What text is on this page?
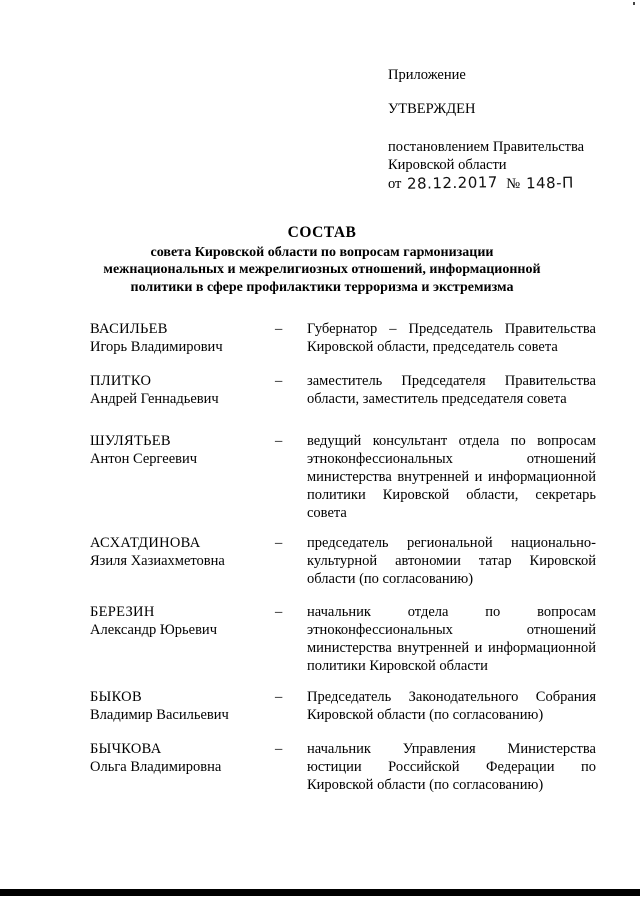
Приложение
УТВЕРЖДЕН
постановлением Правительства
Кировской области
от 28.12.2017 № 148-П
СОСТАВ
совета Кировской области по вопросам гармонизации
межнациональных и межрелигиозных отношений, информационной
политики в сфере профилактики терроризма и экстремизма
ВАСИЛЬЕВ
Игорь Владимирович
– Губернатор – Председатель Правительства Кировской области, председатель совета
ПЛИТКО
Андрей Геннадьевич
– заместитель Председателя Правительства области, заместитель председателя совета
ШУЛЯТЬЕВ
Антон Сергеевич
– ведущий консультант отдела по вопросам этноконфессиональных отношений министерства внутренней и информационной политики Кировской области, секретарь совета
АСХАТДИНОВА
Язиля Хазиахметовна
– председатель региональной национально-культурной автономии татар Кировской области (по согласованию)
БЕРЕЗИН
Александр Юрьевич
– начальник отдела по вопросам этноконфессиональных отношений министерства внутренней и информационной политики Кировской области
БЫКОВ
Владимир Васильевич
– Председатель Законодательного Собрания Кировской области (по согласованию)
БЫЧКОВА
Ольга Владимировна
– начальник Управления Министерства юстиции Российской Федерации по Кировской области (по согласованию)
